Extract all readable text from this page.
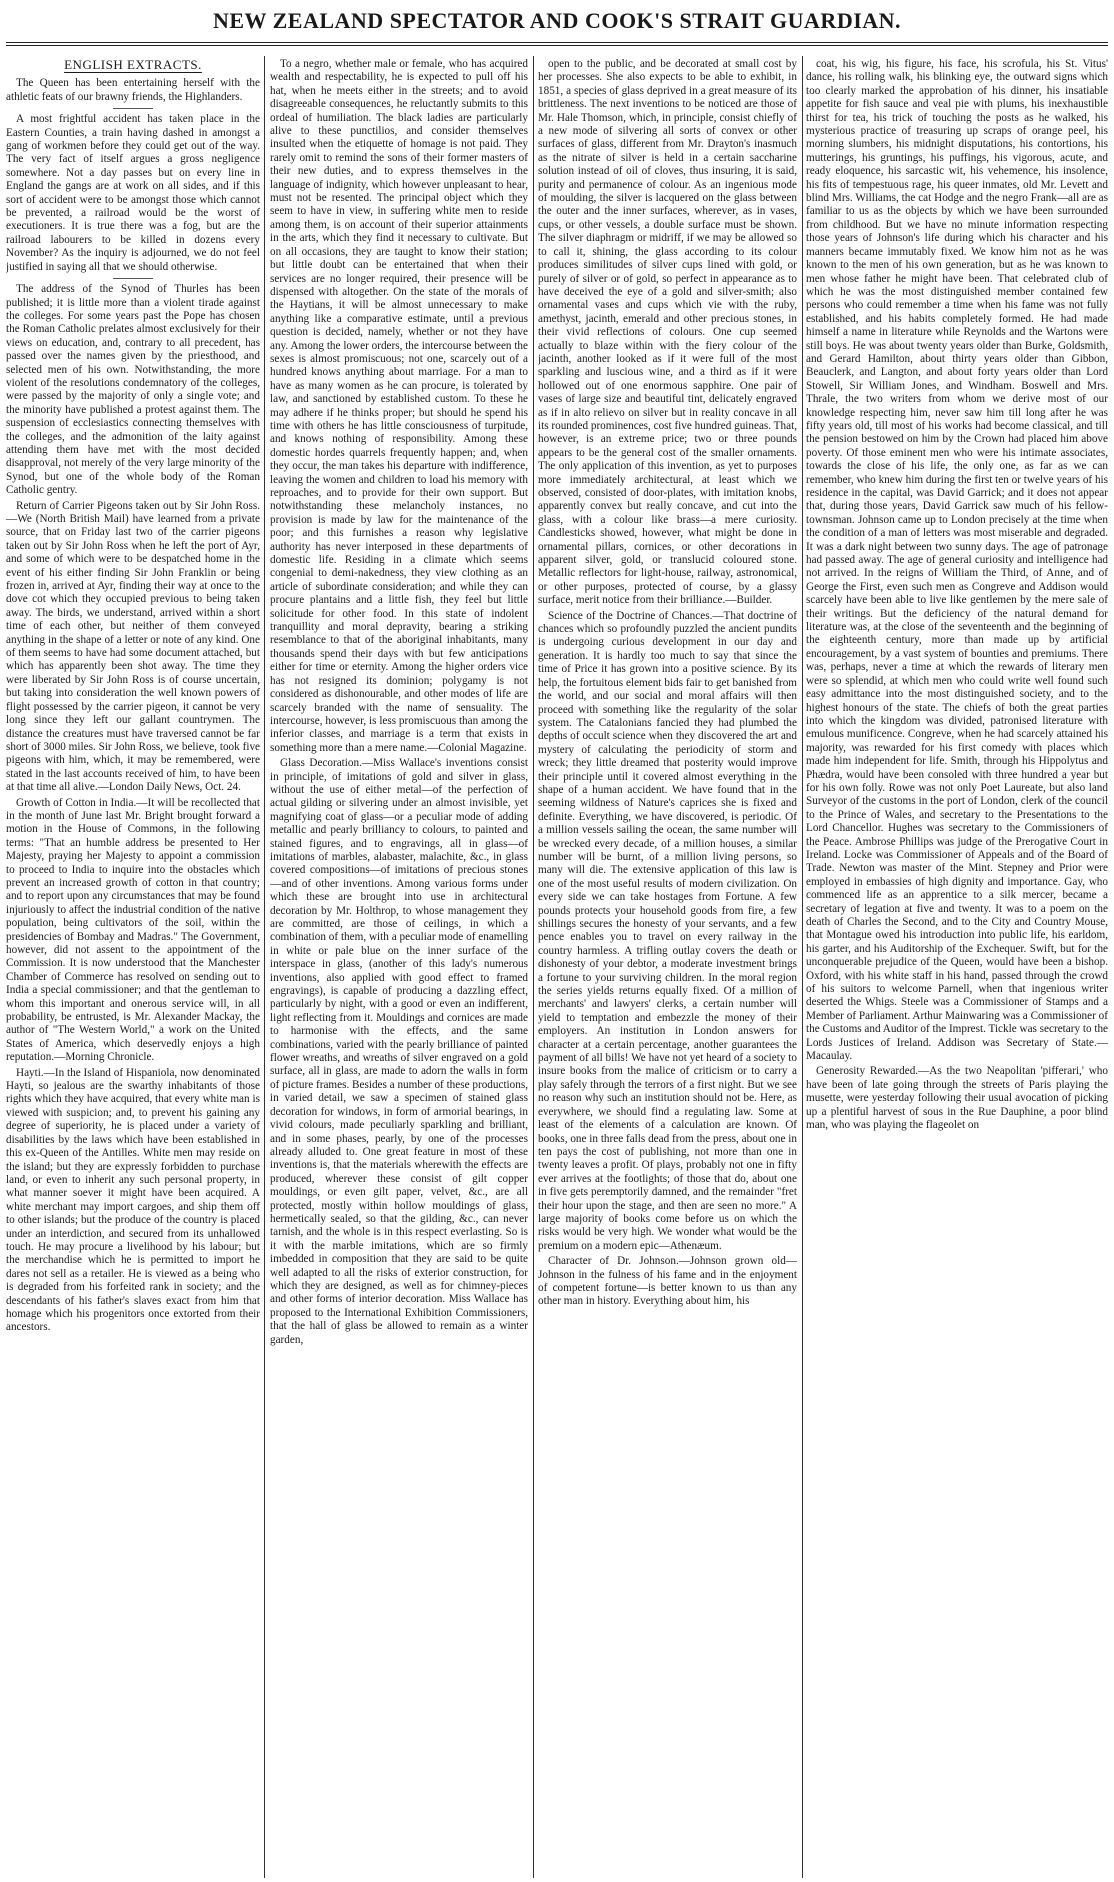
NEW ZEALAND SPECTATOR AND COOK'S STRAIT GUARDIAN.
ENGLISH EXTRACTS.

The Queen has been entertaining herself with the athletic feats of our brawny friends, the Highlanders.

A most frightful accident has taken place in the Eastern Counties, a train having dashed in amongst a gang of workmen before they could get out of the way. The very fact of itself argues a gross negligence somewhere. Not a day passes but on every line in England the gangs are at work on all sides, and if this sort of accident were to be amongst those which cannot be prevented, a railroad would be the worst of executioners. It is true there was a fog, but are the railroad labourers to be killed in dozens every November? As the inquiry is adjourned, we do not feel justified in saying all that we should otherwise.

The address of the Synod of Thurles has been published; it is little more than a violent tirade against the colleges. For some years past the Pope has chosen the Roman Catholic prelates almost exclusively for their views on education, and, contrary to all precedent, has passed over the names given by the priesthood, and selected men of his own. Notwithstanding, the more violent of the resolutions condemnatory of the colleges, were passed by the majority of only a single vote; and the minority have published a protest against them. The suspension of ecclesiastics connecting themselves with the colleges, and the admonition of the laity against attending them have met with the most decided disapproval, not merely of the very large minority of the Synod, but one of the whole body of the Roman Catholic gentry.

Return of Carrier Pigeons taken out by Sir John Ross.—We (North British Mail) have learned from a private source, that on Friday last two of the carrier pigeons taken out by Sir John Ross when he left the port of Ayr, and some of which were to be despatched home in the event of his either finding Sir John Franklin or being frozen in, arrived at Ayr, finding their way at once to the dove cot which they occupied previous to being taken away. The birds, we understand, arrived within a short time of each other, but neither of them conveyed anything in the shape of a letter or note of any kind. One of them seems to have had some document attached, but which has apparently been shot away. The time they were liberated by Sir John Ross is of course uncertain, but taking into consideration the well known powers of flight possessed by the carrier pigeon, it cannot be very long since they left our gallant countrymen. The distance the creatures must have traversed cannot be far short of 3000 miles. Sir John Ross, we believe, took five pigeons with him, which, it may be remembered, were stated in the last accounts received of him, to have been at that time all alive.—London Daily News, Oct. 24.

Growth of Cotton in India.—It will be recollected that in the month of June last Mr. Bright brought forward a motion in the House of Commons, in the following terms: "That an humble address be presented to Her Majesty, praying her Majesty to appoint a commission to proceed to India to inquire into the obstacles which prevent an increased growth of cotton in that country; and to report upon any circumstances that may be found injuriously to affect the industrial condition of the native population, being cultivators of the soil, within the presidencies of Bombay and Madras." The Government, however, did not assent to the appointment of the Commission. It is now understood that the Manchester Chamber of Commerce has resolved on sending out to India a special commissioner; and that the gentleman to whom this important and onerous service will, in all probability, be entrusted, is Mr. Alexander Mackay, the author of "The Western World," a work on the United States of America, which deservedly enjoys a high reputation.—Morning Chronicle.

Hayti.—In the Island of Hispaniola, now denominated Hayti, so jealous are the swarthy inhabitants of those rights which they have acquired, that every white man is viewed with suspicion; and, to prevent his gaining any degree of superiority, he is placed under a variety of disabilities by the laws which have been established in this ex-Queen of the Antilles. White men may reside on the island; but they are expressly forbidden to purchase land, or even to inherit any such personal property, in what manner soever it might have been acquired. A white merchant may import cargoes, and ship them off to other islands; but the produce of the country is placed under an interdiction, and secured from its unhallowed touch. He may procure a livelihood by his labour; but the merchandise which he is permitted to import he dares not sell as a retailer. He is viewed as a being who is degraded from his forfeited rank in society; and the descendants of his father's slaves exact from him that homage which his progenitors once extorted from their ancestors.

To a negro, whether male or female, who has acquired wealth and respectability, he is expected to pull off his hat, when he meets either in the streets; and to avoid disagreeable consequences, he reluctantly submits to this ordeal of humiliation. The black ladies are particularly alive to these punctilios, and consider themselves insulted when the etiquette of homage is not paid. They rarely omit to remind the sons of their former masters of their new duties, and to express themselves in the language of indignity, which however unpleasant to hear, must not be resented. The principal object which they seem to have in view, in suffering white men to reside among them, is on account of their superior attainments in the arts, which they find it necessary to cultivate. But on all occasions, they are taught to know their station; but little doubt can be entertained that when their services are no longer required, their presence will be dispensed with altogether. On the state of the morals of the Haytians, it will be almost unnecessary to make anything like a comparative estimate, until a previous question is decided, namely, whether or not they have any. Among the lower orders, the intercourse between the sexes is almost promiscuous; not one, scarcely out of a hundred knows anything about marriage. For a man to have as many women as he can procure, is tolerated by law, and sanctioned by established custom. To these he may adhere if he thinks proper; but should he spend his time with others he has little consciousness of turpitude, and knows nothing of responsibility. Among these domestic hordes quarrels frequently happen; and, when they occur, the man takes his departure with indifference, leaving the women and children to load his memory with reproaches, and to provide for their own support. But notwithstanding these melancholy instances, no provision is made by law for the maintenance of the poor; and this furnishes a reason why legislative authority has never interposed in these departments of domestic life. Residing in a climate which seems congenial to demi-nakedness, they view clothing as an article of subordinate consideration; and while they can procure plantains and a little fish, they feel but little solicitude for other food. In this state of indolent tranquillity and moral depravity, bearing a striking resemblance to that of the aboriginal inhabitants, many thousands spend their days with but few anticipations either for time or eternity. Among the higher orders vice has not resigned its dominion; polygamy is not considered as dishonourable, and other modes of life are scarcely branded with the name of sensuality. The intercourse, however, is less promiscuous than among the inferior classes, and marriage is a term that exists in something more than a mere name.—Colonial Magazine.

Glass Decoration.—Miss Wallace's inventions consist in principle, of imitations of gold and silver in glass, without the use of either metal—of the perfection of actual gilding or silvering under an almost invisible, yet magnifying coat of glass—or a peculiar mode of adding metallic and pearly brilliancy to colours, to painted and stained figures, and to engravings, all in glass—of imitations of marbles, alabaster, malachite, &c., in glass covered compositions—of imitations of precious stones—and of other inventions. Among various forms under which these are brought into use in architectural decoration by Mr. Holthrop, to whose management they are committed, are those of ceilings, in which a combination of them, with a peculiar mode of enamelling in white or pale blue on the inner surface of the interspace in glass, (another of this lady's numerous inventions, also applied with good effect to framed engravings), is capable of producing a dazzling effect, particularly by night, with a good or even an indifferent, light reflecting from it. Mouldings and cornices are made to harmonise with the effects, and the same combinations, varied with the pearly brilliance of painted flower wreaths, and wreaths of silver engraved on a gold surface, all in glass, are made to adorn the walls in form of picture frames. Besides a number of these productions, in varied detail, we saw a specimen of stained glass decoration for windows, in form of armorial bearings, in vivid colours, made peculiarly sparkling and brilliant, and in some phases, pearly, by one of the processes already alluded to. One great feature in most of these inventions is, that the materials wherewith the effects are produced, wherever these consist of gilt copper mouldings, or even gilt paper, velvet, &c., are all protected, mostly within hollow mouldings of glass, hermetically sealed, so that the gilding, &c., can never tarnish, and the whole is in this respect everlasting. So is it with the marble imitations, which are so firmly imbedded in composition that they are said to be quite well adapted to all the risks of exterior construction, for which they are designed, as well as for chimney-pieces and other forms of interior decoration. Miss Wallace has proposed to the International Exhibition Commissioners, that the hall of glass be allowed to remain as a winter garden,

open to the public, and be decorated at small cost by her processes. She also expects to be able to exhibit, in 1851, a species of glass deprived in a great measure of its brittleness. The next inventions to be noticed are those of Mr. Hale Thomson, which, in principle, consist chiefly of a new mode of silvering all sorts of convex or other surfaces of glass, different from Mr. Drayton's inasmuch as the nitrate of silver is held in a certain saccharine solution instead of oil of cloves, thus insuring, it is said, purity and permanence of colour. As an ingenious mode of moulding, the silver is lacquered on the glass between the outer and the inner surfaces, wherever, as in vases, cups, or other vessels, a double surface must be shown. The silver diaphragm or midriff, if we may be allowed so to call it, shining, the glass according to its colour produces similitudes of silver cups lined with gold, or purely of silver or of gold, so perfect in appearance as to have deceived the eye of a gold and silver-smith; also ornamental vases and cups which vie with the ruby, amethyst, jacinth, emerald and other precious stones, in their vivid reflections of colours. One cup seemed actually to blaze within with the fiery colour of the jacinth, another looked as if it were full of the most sparkling and luscious wine, and a third as if it were hollowed out of one enormous sapphire. One pair of vases of large size and beautiful tint, delicately engraved as if in alto relievo on silver but in reality concave in all its rounded prominences, cost five hundred guineas. That, however, is an extreme price; two or three pounds appears to be the general cost of the smaller ornaments. The only application of this invention, as yet to purposes more immediately architectural, at least which we observed, consisted of door-plates, with imitation knobs, apparently convex but really concave, and cut into the glass, with a colour like brass—a mere curiosity. Candlesticks showed, however, what might be done in ornamental pillars, cornices, or other decorations in apparent silver, gold, or translucid coloured stone. Metallic reflectors for light-house, railway, astronomical, or other purposes, protected of course, by a glassy surface, merit notice from their brilliance.—Builder.

Science of the Doctrine of Chances.—That doctrine of chances which so profoundly puzzled the ancient pundits is undergoing curious development in our day and generation. It is hardly too much to say that since the time of Price it has grown into a positive science. By its help, the fortuitous element bids fair to get banished from the world, and our social and moral affairs will then proceed with something like the regularity of the solar system. The Catalonians fancied they had plumbed the depths of occult science when they discovered the art and mystery of calculating the periodicity of storm and wreck; they little dreamed that posterity would improve their principle until it covered almost everything in the shape of a human accident. We have found that in the seeming wildness of Nature's caprices she is fixed and definite. Everything, we have discovered, is periodic. Of a million vessels sailing the ocean, the same number will be wrecked every decade, of a million houses, a similar number will be burnt, of a million living persons, so many will die. The extensive application of this law is one of the most useful results of modern civilization. On every side we can take hostages from Fortune. A few pounds protects your household goods from fire, a few shillings secures the honesty of your servants, and a few pence enables you to travel on every railway in the country harmless. A trifling outlay covers the death or dishonesty of your debtor, a moderate investment brings a fortune to your surviving children. In the moral region the series yields returns equally fixed. Of a million of merchants' and lawyers' clerks, a certain number will yield to temptation and embezzle the money of their employers. An institution in London answers for character at a certain percentage, another guarantees the payment of all bills! We have not yet heard of a society to insure books from the malice of criticism or to carry a play safely through the terrors of a first night. But we see no reason why such an institution should not be. Here, as everywhere, we should find a regulating law. Some at least of the elements of a calculation are known. Of books, one in three falls dead from the press, about one in ten pays the cost of publishing, not more than one in twenty leaves a profit. Of plays, probably not one in fifty ever arrives at the footlights; of those that do, about one in five gets peremptorily damned, and the remainder "fret their hour upon the stage, and then are seen no more." A large majority of books come before us on which the risks would be very high. We wonder what would be the premium on a modern epic—Athenæum.

Character of Dr. Johnson.—Johnson grown old—Johnson in the fulness of his fame and in the enjoyment of competent fortune—is better known to us than any other man in history. Everything about him, his

coat, his wig, his figure, his face, his scrofula, his St. Vitus' dance, his rolling walk, his blinking eye, the outward signs which too clearly marked the approbation of his dinner, his insatiable appetite for fish sauce and veal pie with plums, his inexhaustible thirst for tea, his trick of touching the posts as he walked, his mysterious practice of treasuring up scraps of orange peel, his morning slumbers, his midnight disputations, his contortions, his mutterings, his gruntings, his puffings, his vigorous, acute, and ready eloquence, his sarcastic wit, his vehemence, his insolence, his fits of tempestuous rage, his queer inmates, old Mr. Levett and blind Mrs. Williams, the cat Hodge and the negro Frank—all are as familiar to us as the objects by which we have been surrounded from childhood. But we have no minute information respecting those years of Johnson's life during which his character and his manners became immutably fixed. We know him not as he was known to the men of his own generation, but as he was known to men whose father he might have been. That celebrated club of which he was the most distinguished member contained few persons who could remember a time when his fame was not fully established, and his habits completely formed. He had made himself a name in literature while Reynolds and the Wartons were still boys. He was about twenty years older than Burke, Goldsmith, and Gerard Hamilton, about thirty years older than Gibbon, Beauclerk, and Langton, and about forty years older than Lord Stowell, Sir William Jones, and Windham. Boswell and Mrs. Thrale, the two writers from whom we derive most of our knowledge respecting him, never saw him till long after he was fifty years old, till most of his works had become classical, and till the pension bestowed on him by the Crown had placed him above poverty. Of those eminent men who were his intimate associates, towards the close of his life, the only one, as far as we can remember, who knew him during the first ten or twelve years of his residence in the capital, was David Garrick; and it does not appear that, during those years, David Garrick saw much of his fellow-townsman. Johnson came up to London precisely at the time when the condition of a man of letters was most miserable and degraded. It was a dark night between two sunny days. The age of patronage had passed away. The age of general curiosity and intelligence had not arrived. In the reigns of William the Third, of Anne, and of George the First, even such men as Congreve and Addison would scarcely have been able to live like gentlemen by the mere sale of their writings. But the deficiency of the natural demand for literature was, at the close of the seventeenth and the beginning of the eighteenth century, more than made up by artificial encouragement, by a vast system of bounties and premiums. There was, perhaps, never a time at which the rewards of literary men were so splendid, at which men who could write well found such easy admittance into the most distinguished society, and to the highest honours of the state. The chiefs of both the great parties into which the kingdom was divided, patronised literature with emulous munificence. Congreve, when he had scarcely attained his majority, was rewarded for his first comedy with places which made him independent for life. Smith, through his Hippolytus and Phædra, would have been consoled with three hundred a year but for his own folly. Rowe was not only Poet Laureate, but also land Surveyor of the customs in the port of London, clerk of the council to the Prince of Wales, and secretary to the Presentations to the Lord Chancellor. Hughes was secretary to the Commissioners of the Peace. Ambrose Phillips was judge of the Prerogative Court in Ireland. Locke was Commissioner of Appeals and of the Board of Trade. Newton was master of the Mint. Stepney and Prior were employed in embassies of high dignity and importance. Gay, who commenced life as an apprentice to a silk mercer, became a secretary of legation at five and twenty. It was to a poem on the death of Charles the Second, and to the City and Country Mouse, that Montague owed his introduction into public life, his earldom, his garter, and his Auditorship of the Exchequer. Swift, but for the unconquerable prejudice of the Queen, would have been a bishop. Oxford, with his white staff in his hand, passed through the crowd of his suitors to welcome Parnell, when that ingenious writer deserted the Whigs. Steele was a Commissioner of Stamps and a Member of Parliament. Arthur Mainwaring was a Commissioner of the Customs and Auditor of the Imprest. Tickle was secretary to the Lords Justices of Ireland. Addison was Secretary of State.—Macaulay.

Generosity Rewarded.—As the two Neapolitan 'pifferari,' who have been of late going through the streets of Paris playing the musette, were yesterday following their usual avocation of picking up a plentiful harvest of sous in the Rue Dauphine, a poor blind man, who was playing the flageolet on
